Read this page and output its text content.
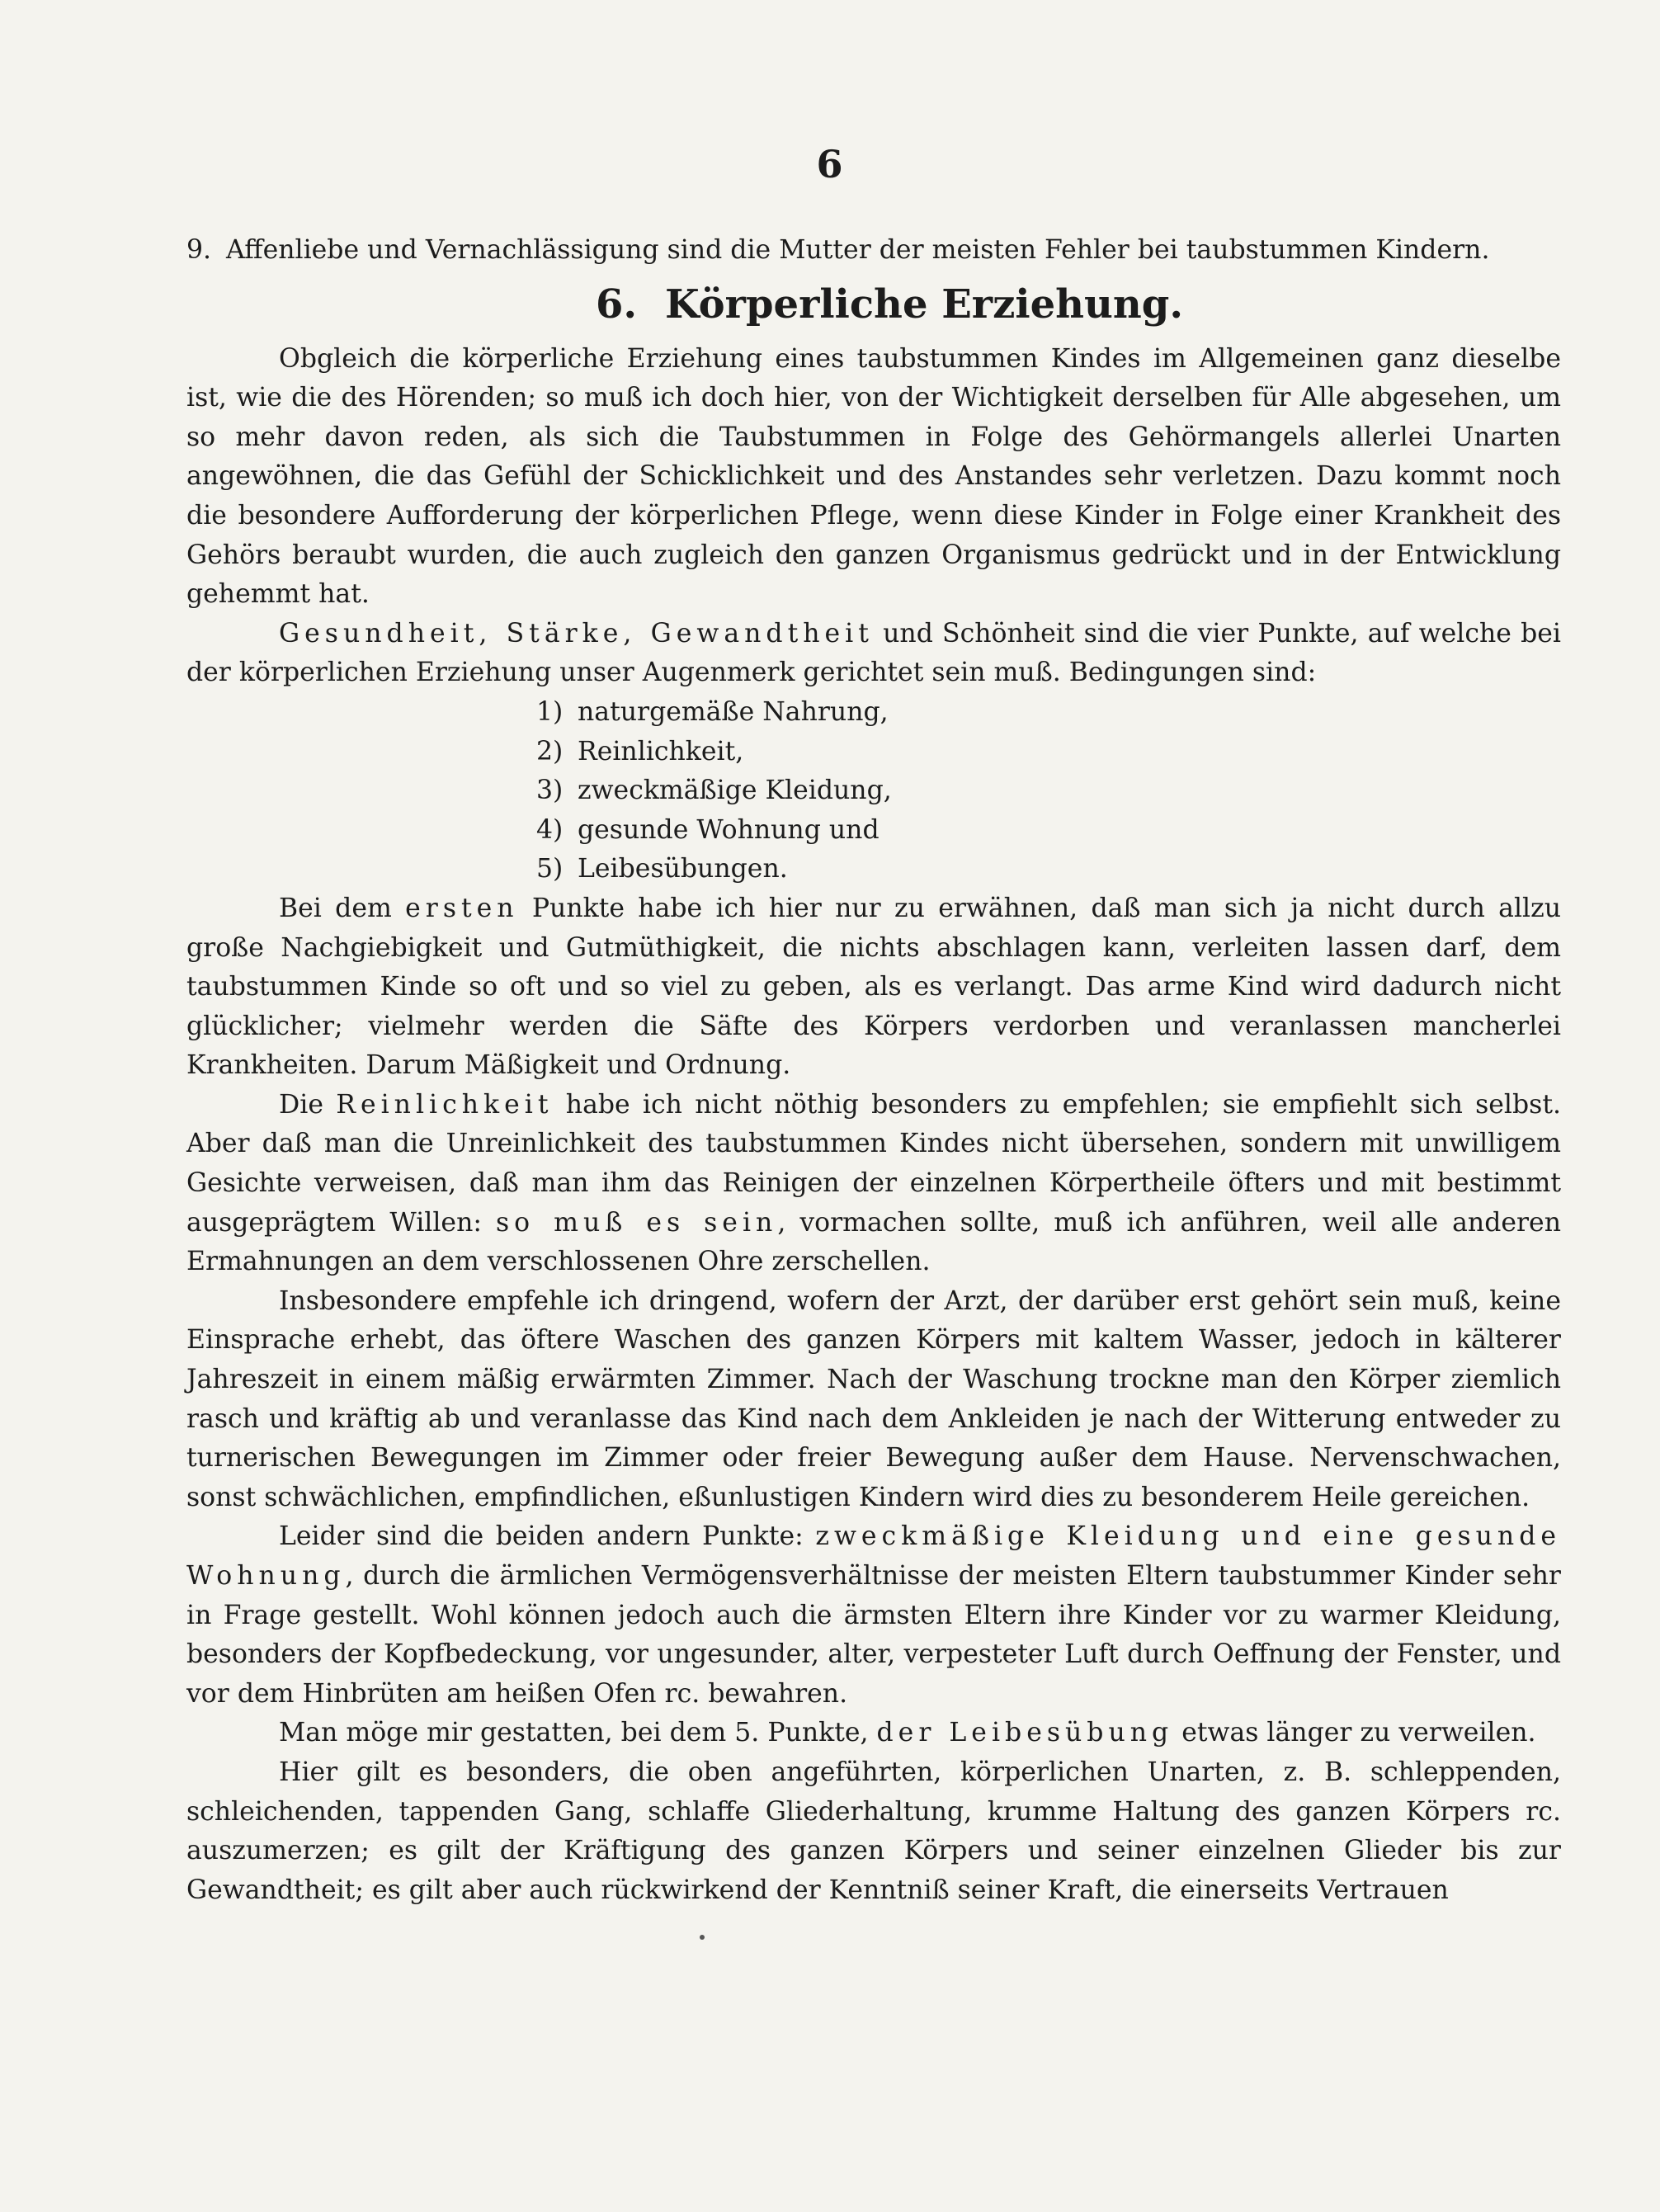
6

9. Affenliebe und Vernachlässigung sind die Mutter der meisten Fehler bei taubstummen Kindern.

6. Körperliche Erziehung.

Obgleich die körperliche Erziehung eines taubstummen Kindes im Allgemeinen ganz dieselbe ist, wie die des Hörenden; so muß ich doch hier, von der Wichtigkeit derselben für Alle abgesehen, um so mehr davon reden, als sich die Taubstummen in Folge des Gehörmangels allerlei Unarten angewöhnen, die das Gefühl der Schicklichkeit und des Anstandes sehr verletzen. Dazu kommt noch die besondere Aufforderung der körperlichen Pflege, wenn diese Kinder in Folge einer Krankheit des Gehörs beraubt wurden, die auch zugleich den ganzen Organismus gedrückt und in der Entwicklung gehemmt hat.

Gesundheit, Stärke, Gewandtheit und Schönheit sind die vier Punkte, auf welche bei der körperlichen Erziehung unser Augenmerk gerichtet sein muß. Bedingungen sind:

1) naturgemäße Nahrung,
2) Reinlichkeit,
3) zweckmäßige Kleidung,
4) gesunde Wohnung und
5) Leibesübungen.

Bei dem ersten Punkte habe ich hier nur zu erwähnen, daß man sich ja nicht durch allzu große Nachgiebigkeit und Gutmüthigkeit, die nichts abschlagen kann, verleiten lassen darf, dem taubstummen Kinde so oft und so viel zu geben, als es verlangt. Das arme Kind wird dadurch nicht glücklicher; vielmehr werden die Säfte des Körpers verdorben und veranlassen mancherlei Krankheiten. Darum Mäßigkeit und Ordnung.

Die Reinlichkeit habe ich nicht nöthig besonders zu empfehlen; sie empfiehlt sich selbst. Aber daß man die Unreinlichkeit des taubstummen Kindes nicht übersehen, sondern mit unwilligem Gesichte verweisen, daß man ihm das Reinigen der einzelnen Körpertheile öfters und mit bestimmt ausgeprägtem Willen: so muß es sein, vormachen sollte, muß ich anführen, weil alle anderen Ermahnungen an dem verschlossenen Ohre zerschellen.

Insbesondere empfehle ich dringend, wofern der Arzt, der darüber erst gehört sein muß, keine Einsprache erhebt, das öftere Waschen des ganzen Körpers mit kaltem Wasser, jedoch in kälterer Jahreszeit in einem mäßig erwärmten Zimmer. Nach der Waschung trockne man den Körper ziemlich rasch und kräftig ab und veranlasse das Kind nach dem Ankleiden je nach der Witterung entweder zu turnerischen Bewegungen im Zimmer oder freier Bewegung außer dem Hause. Nervenschwachen, sonst schwächlichen, empfindlichen, eßunlustigen Kindern wird dies zu besonderem Heile gereichen.

Leider sind die beiden andern Punkte: zweckmäßige Kleidung und eine gesunde Wohnung, durch die ärmlichen Vermögensverhältnisse der meisten Eltern taubstummer Kinder sehr in Frage gestellt. Wohl können jedoch auch die ärmsten Eltern ihre Kinder vor zu warmer Kleidung, besonders der Kopfbedeckung, vor ungesunder, alter, verpesteter Luft durch Oeffnung der Fenster, und vor dem Hinbrüten am heißen Ofen rc. bewahren.

Man möge mir gestatten, bei dem 5. Punkte, der Leibesübung etwas länger zu verweilen.

Hier gilt es besonders, die oben angeführten, körperlichen Unarten, z. B. schleppenden, schleichenden, tappenden Gang, schlaffe Gliederhaltung, krumme Haltung des ganzen Körpers rc. auszumerzen; es gilt der Kräftigung des ganzen Körpers und seiner einzelnen Glieder bis zur Gewandtheit; es gilt aber auch rückwirkend der Kenntniß seiner Kraft, die einerseits Vertrauen
